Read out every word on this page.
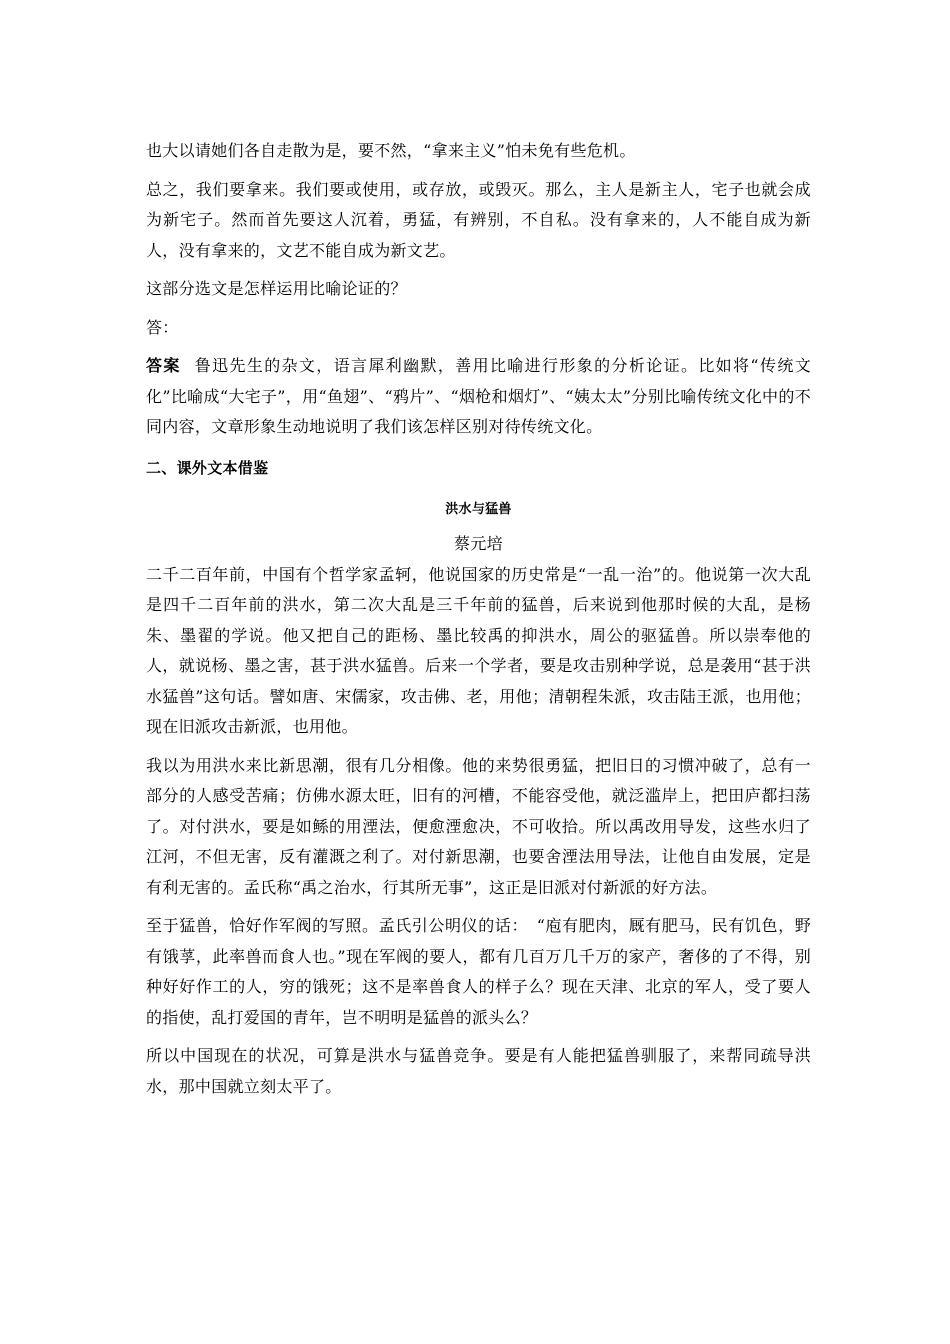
也大以请她们各自走散为是，要不然，“拿来主义”怕未免有些危机。

总之，我们要拿来。我们要或使用，或存放，或毁灭。那么，主人是新主人，宅子也就会成为新宅子。然而首先要这人沉着，勇猛，有辨别，不自私。没有拿来的，人不能自成为新人，没有拿来的，文艺不能自成为新文艺。

这部分选文是怎样运用比喻论证的？

答：

答案 鲁迅先生的杂文，语言犀利幽默，善用比喻进行形象的分析论证。比如将“传统文化”比喻成“大宅子”，用“鱼翅”、“鸦片”、“烟枪和烟灯”、“姨太太”分别比喻传统文化中的不同内容，文章形象生动地说明了我们该怎样区别对待传统文化。

二、课外文本借鉴

洪水与猛兽

蔡元培

二千二百年前，中国有个哲学家孟轲，他说国家的历史常是“一乱一治”的。他说第一次大乱是四千二百年前的洪水，第二次大乱是三千年前的猛兽，后来说到他那时候的大乱，是杨朱、墨翟的学说。他又把自己的距杨、墨比较禹的抑洪水，周公的驱猛兽。所以崇奉他的人，就说杨、墨之害，甚于洪水猛兽。后来一个学者，要是攻击别种学说，总是袭用“甚于洪水猛兽”这句话。譬如唐、宋儒家，攻击佛、老，用他；清朝程朱派，攻击陆王派，也用他；现在旧派攻击新派，也用他。

我以为用洪水来比新思潮，很有几分相像。他的来势很勇猛，把旧日的习惯冲破了，总有一部分的人感受苦痛；仿佛水源太旺，旧有的河槽，不能容受他，就泛滥岸上，把田庐都扫荡了。对付洪水，要是如鲧的用湮法，便愈湮愈决，不可收拾。所以禹改用导发，这些水归了江河，不但无害，反有灌溉之利了。对付新思潮，也要舍湮法用导法，让他自由发展，定是有利无害的。孟氏称“禹之治水，行其所无事”，这正是旧派对付新派的好方法。

至于猛兽，恰好作军阀的写照。孟氏引公明仪的话：　“庖有肥肉，厩有肥马，民有饥色，野有饿莩，此率兽而食人也。”现在军阀的要人，都有几百万几千万的家产，奢侈的了不得，别种好好作工的人，穷的饿死；这不是率兽食人的样子么？现在天津、北京的军人，受了要人的指使，乱打爱国的青年，岂不明明是猛兽的派头么？

所以中国现在的状况，可算是洪水与猛兽竞争。要是有人能把猛兽驯服了，来帮同疏导洪水，那中国就立刻太平了。
